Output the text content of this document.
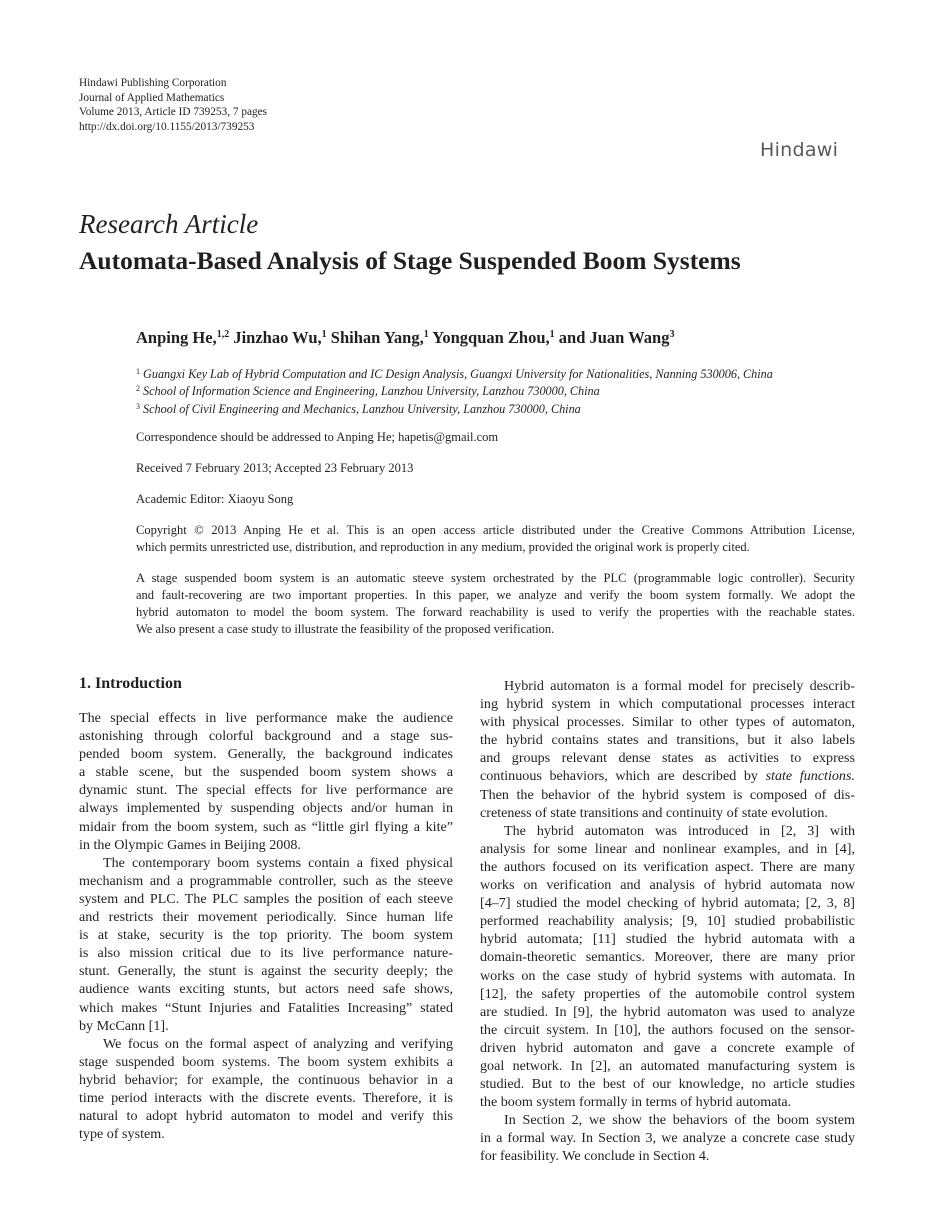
Hindawi Publishing Corporation
Journal of Applied Mathematics
Volume 2013, Article ID 739253, 7 pages
http://dx.doi.org/10.1155/2013/739253
Hindawi
Research Article
Automata-Based Analysis of Stage Suspended Boom Systems
Anping He,$^{1,2}$ Jinzhao Wu,$^1$ Shihan Yang,$^1$ Yongquan Zhou,$^1$ and Juan Wang$^3$
$^1$ Guangxi Key Lab of Hybrid Computation and IC Design Analysis, Guangxi University for Nationalities, Nanning 530006, China
$^2$ School of Information Science and Engineering, Lanzhou University, Lanzhou 730000, China
$^3$ School of Civil Engineering and Mechanics, Lanzhou University, Lanzhou 730000, China
Correspondence should be addressed to Anping He; hapetis@gmail.com
Received 7 February 2013; Accepted 23 February 2013
Academic Editor: Xiaoyu Song
Copyright © 2013 Anping He et al. This is an open access article distributed under the Creative Commons Attribution License,
which permits unrestricted use, distribution, and reproduction in any medium, provided the original work is properly cited.
A stage suspended boom system is an automatic steeve system orchestrated by the PLC (programmable logic controller). Security
and fault-recovering are two important properties. In this paper, we analyze and verify the boom system formally. We adopt the
hybrid automaton to model the boom system. The forward reachability is used to verify the properties with the reachable states.
We also present a case study to illustrate the feasibility of the proposed verification.
1. Introduction
The special effects in live performance make the audience
astonishing through colorful background and a stage sus-
pended boom system. Generally, the background indicates
a stable scene, but the suspended boom system shows a
dynamic stunt. The special effects for live performance are
always implemented by suspending objects and/or human in
midair from the boom system, such as “little girl flying a kite”
in the Olympic Games in Beijing 2008.
The contemporary boom systems contain a fixed physical
mechanism and a programmable controller, such as the steeve
system and PLC. The PLC samples the position of each steeve
and restricts their movement periodically. Since human life
is at stake, security is the top priority. The boom system
is also mission critical due to its live performance nature-
stunt. Generally, the stunt is against the security deeply; the
audience wants exciting stunts, but actors need safe shows,
which makes “Stunt Injuries and Fatalities Increasing” stated
by McCann [1].
We focus on the formal aspect of analyzing and verifying
stage suspended boom systems. The boom system exhibits a
hybrid behavior; for example, the continuous behavior in a
time period interacts with the discrete events. Therefore, it is
natural to adopt hybrid automaton to model and verify this
type of system.
Hybrid automaton is a formal model for precisely describ-
ing hybrid system in which computational processes interact
with physical processes. Similar to other types of automaton,
the hybrid contains states and transitions, but it also labels
and groups relevant dense states as activities to express
continuous behaviors, which are described by state functions.
Then the behavior of the hybrid system is composed of dis-
creteness of state transitions and continuity of state evolution.
The hybrid automaton was introduced in [2, 3] with
analysis for some linear and nonlinear examples, and in [4],
the authors focused on its verification aspect. There are many
works on verification and analysis of hybrid automata now
[4–7] studied the model checking of hybrid automata; [2, 3, 8]
performed reachability analysis; [9, 10] studied probabilistic
hybrid automata; [11] studied the hybrid automata with a
domain-theoretic semantics. Moreover, there are many prior
works on the case study of hybrid systems with automata. In
[12], the safety properties of the automobile control system
are studied. In [9], the hybrid automaton was used to analyze
the circuit system. In [10], the authors focused on the sensor-
driven hybrid automaton and gave a concrete example of
goal network. In [2], an automated manufacturing system is
studied. But to the best of our knowledge, no article studies
the boom system formally in terms of hybrid automata.
In Section 2, we show the behaviors of the boom system
in a formal way. In Section 3, we analyze a concrete case study
for feasibility. We conclude in Section 4.
